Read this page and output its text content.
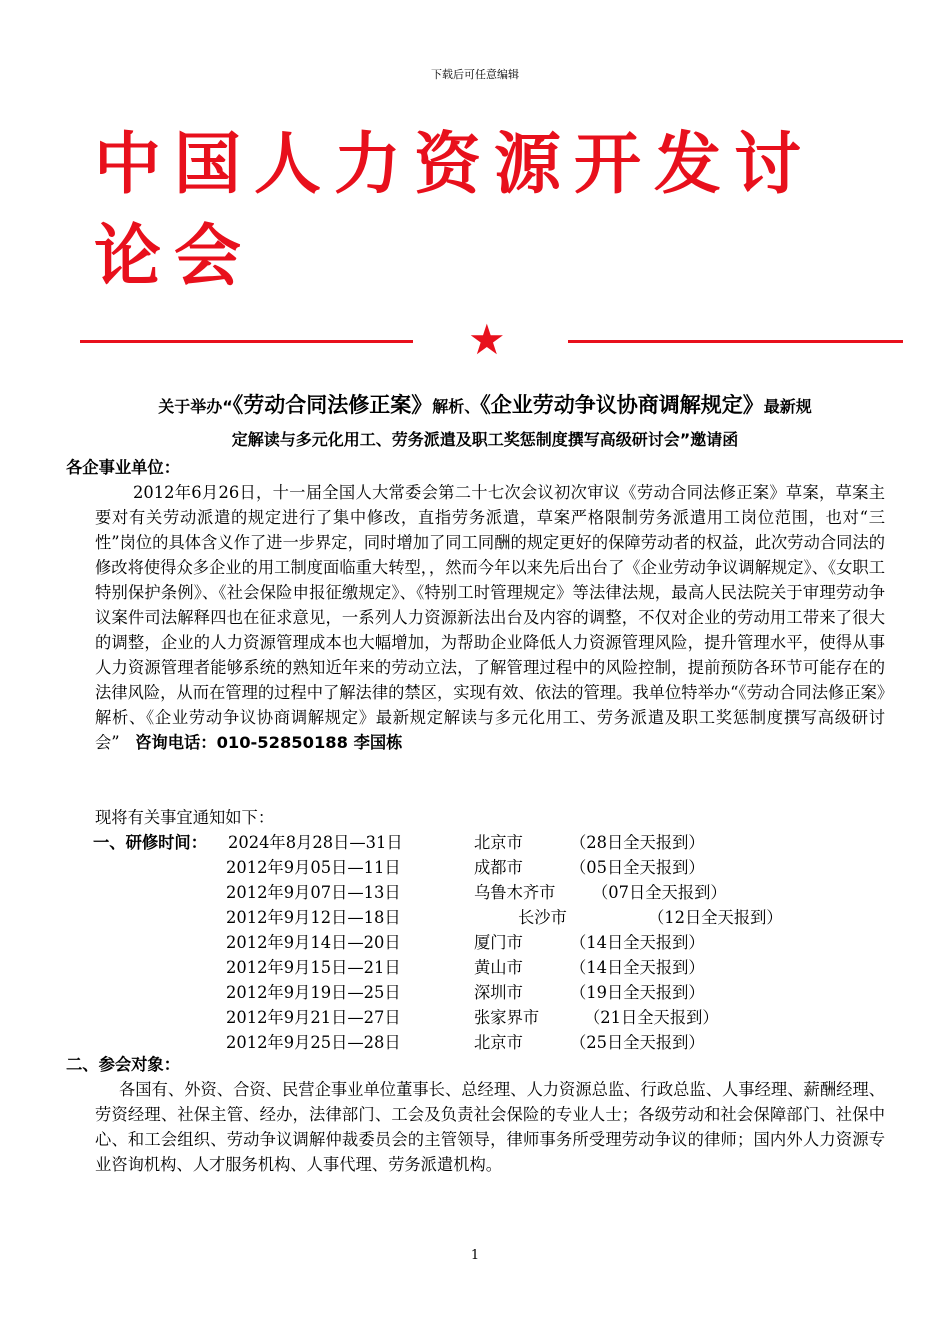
下载后可任意编辑
中国人力资源开发讨论会
★
关于举办“《劳动合同法修正案》解析、《企业劳动争议协商调解规定》最新规
定解读与多元化用工、劳务派遣及职工奖惩制度撰写高级研讨会”邀请函
各企事业单位：
2012年6月26日，十一届全国人大常委会第二十七次会议初次审议《劳动合同法修正案》草案，草案主要对有关劳动派遣的规定进行了集中修改，直指劳务派遣，草案严格限制劳务派遣用工岗位范围，也对“三性”岗位的具体含义作了进一步界定，同时增加了同工同酬的规定更好的保障劳动者的权益，此次劳动合同法的修改将使得众多企业的用工制度面临重大转型，，然而今年以来先后出台了《企业劳动争议调解规定》、《女职工特别保护条例》、《社会保险申报征缴规定》、《特别工时管理规定》等法律法规，最高人民法院关于审理劳动争议案件司法解释四也在征求意见，一系列人力资源新法出台及内容的调整，不仅对企业的劳动用工带来了很大的调整，企业的人力资源管理成本也大幅增加，为帮助企业降低人力资源管理风险，提升管理水平，使得从事人力资源管理者能够系统的熟知近年来的劳动立法，了解管理过程中的风险控制，提前预防各环节可能存在的法律风险，从而在管理的过程中了解法律的禁区，实现有效、依法的管理。我单位特举办“《劳动合同法修正案》解析、《企业劳动争议协商调解规定》最新规定解读与多元化用工、劳务派遣及职工奖惩制度撰写高级研讨会” 咨询电话：010-52850188 李国栋
现将有关事宜通知如下：
一、研修时间： 2024年8月28日—31日	北京市	（28日全天报到）
2012年9月05日—11日	成都市	（05日全天报到）
2012年9月07日—13日	乌鲁木齐市 （07日全天报到）
2012年9月12日—18日	长沙市	（12日全天报到）
2012年9月14日—20日	厦门市	（14日全天报到）
2012年9月15日—21日	黄山市	（14日全天报到）
2012年9月19日—25日	深圳市	（19日全天报到）
2012年9月21日—27日	张家界市	（21日全天报到）
2012年9月25日—28日	北京市	（25日全天报到）
二、参会对象：
各国有、外资、合资、民营企事业单位董事长、总经理、人力资源总监、行政总监、人事经理、薪酬经理、劳资经理、社保主管、经办，法律部门、工会及负责社会保险的专业人士；各级劳动和社会保障部门、社保中心、和工会组织、劳动争议调解仲裁委员会的主管领导，律师事务所受理劳动争议的律师；国内外人力资源专业咨询机构、人才服务机构、人事代理、劳务派遣机构。
1
